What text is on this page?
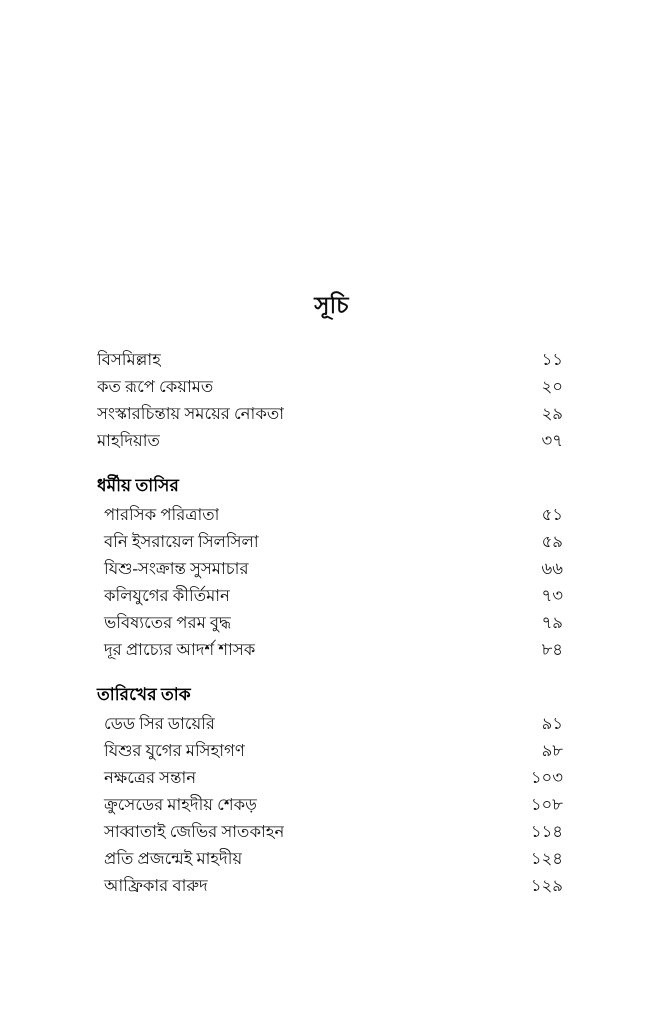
সূচি
বিসমিল্লাহ	১১
কত রূপে কেয়ামত	২০
সংস্কারচিন্তায় সময়ের নোকতা	২৯
মাহদিয়াত	৩৭
ধর্মীয় তাসির
পারসিক পরিত্রাতা	৫১
বনি ইসরায়েল সিলসিলা	৫৯
যিশু-সংক্রান্ত সুসমাচার	৬৬
কলিযুগের কীর্তিমান	৭৩
ভবিষ্যতের পরম বুদ্ধ	৭৯
দূর প্রাচ্যের আদর্শ শাসক	৮৪
তারিখের তাক
ডেড সির ডায়েরি	৯১
যিশুর যুগের মসিহাগণ	৯৮
নক্ষত্রের সন্তান	১০৩
ক্রুসেডের মাহদীয় শেকড়	১০৮
সাব্বাতাই জেভির সাতকাহন	১১৪
প্রতি প্রজন্মেই মাহদীয়	১২৪
আফ্রিকার বারুদ	১২৯
